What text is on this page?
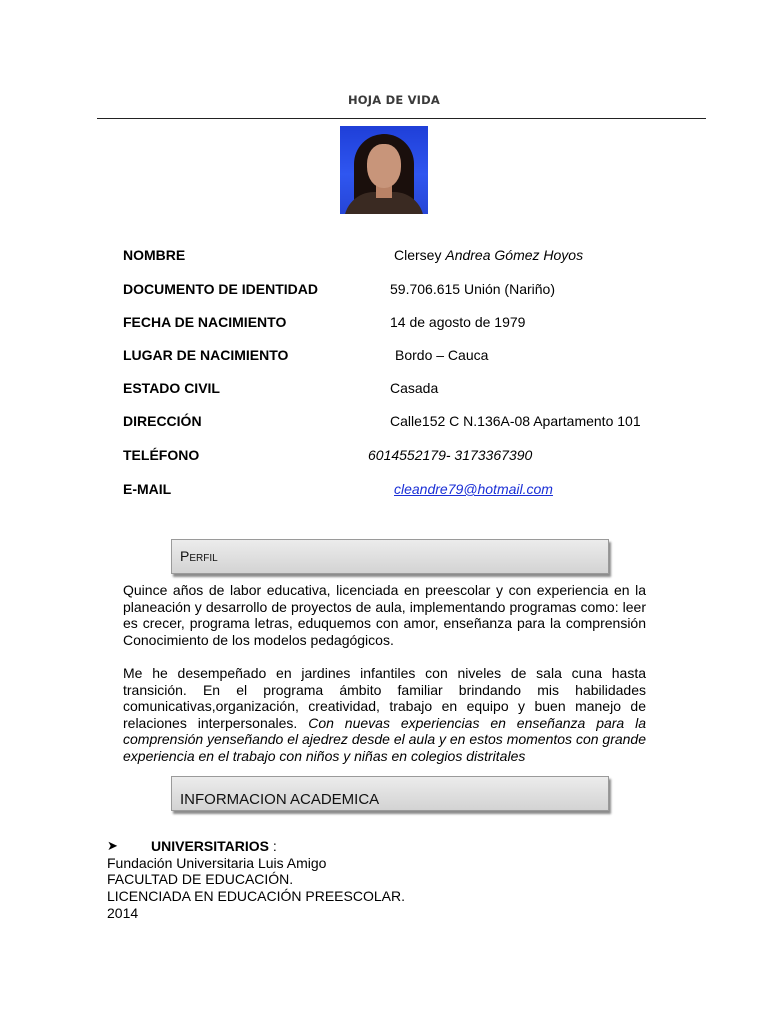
HOJA DE VIDA
NOMBRE	Clersey Andrea Gómez Hoyos
DOCUMENTO DE IDENTIDAD	59.706.615 Unión (Nariño)
FECHA DE NACIMIENTO	14 de agosto de 1979
LUGAR DE NACIMIENTO	Bordo – Cauca
ESTADO CIVIL	Casada
DIRECCIÓN	Calle152 C N.136A-08 Apartamento 101
TELÉFONO	6014552179- 3173367390
E-MAIL	cleandre79@hotmail.com
Perfil

Quince años de labor educativa, licenciada en preescolar y con experiencia en la planeación y desarrollo de proyectos de aula, implementando programas como: leer es crecer, programa letras, eduquemos con amor, enseñanza para la comprensión Conocimiento de los modelos pedagógicos.

Me he desempeñado en jardines infantiles con niveles de sala cuna hasta transición. En el programa ámbito familiar brindando mis habilidades comunicativas,organización, creatividad, trabajo en equipo y buen manejo de relaciones interpersonales. Con nuevas experiencias en enseñanza para la comprensión yenseñando el ajedrez desde el aula y en estos momentos con grande experiencia en el trabajo con niños y niñas en colegios distritales

INFORMACION ACADEMICA
➤ UNIVERSITARIOS :
Fundación Universitaria Luis Amigo
FACULTAD DE EDUCACIÓN.
LICENCIADA EN EDUCACIÓN PREESCOLAR.
2014
